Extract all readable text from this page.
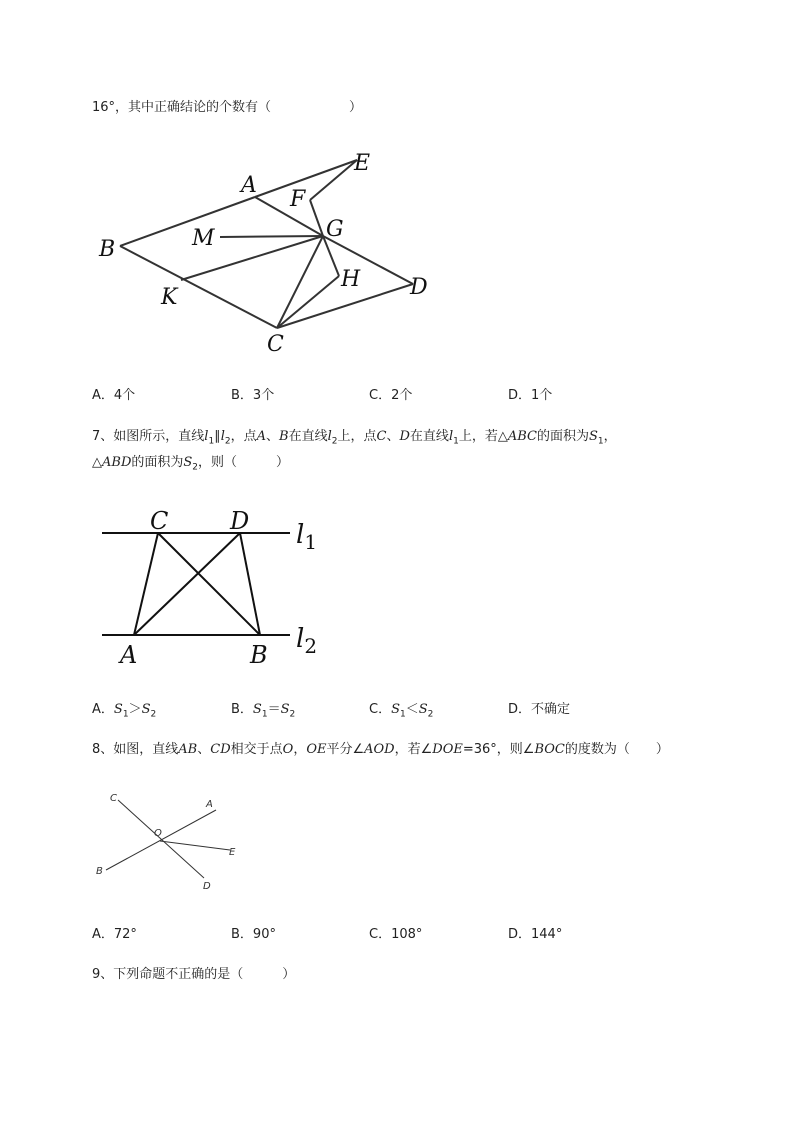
16°，其中正确结论的个数有（　　　　　　）
A
B
C
D
E
F
G
H
K
M
A．4个	B．3个	C．2个	D．1个
7、如图所示，直线$l_1\parallel l_2$，点A、B在直线$l_2$上，点C、D在直线$l_1$上，若△ABC的面积为$S_1$，
△ABD的面积为$S_2$，则（　　　）
C	D
A	B
$l_1$
$l_2$
A．$S_1>S_2$	B．$S_1=S_2$	C．$S_1<S_2$	D．不确定
8、如图，直线AB、CD相交于点O，OE平分∠AOD，若∠DOE=36°，则∠BOC的度数为（　　）
C
A
O
E
B
D
A．72°	B．90°	C．108°	D．144°
9、下列命题不正确的是（　　　）
